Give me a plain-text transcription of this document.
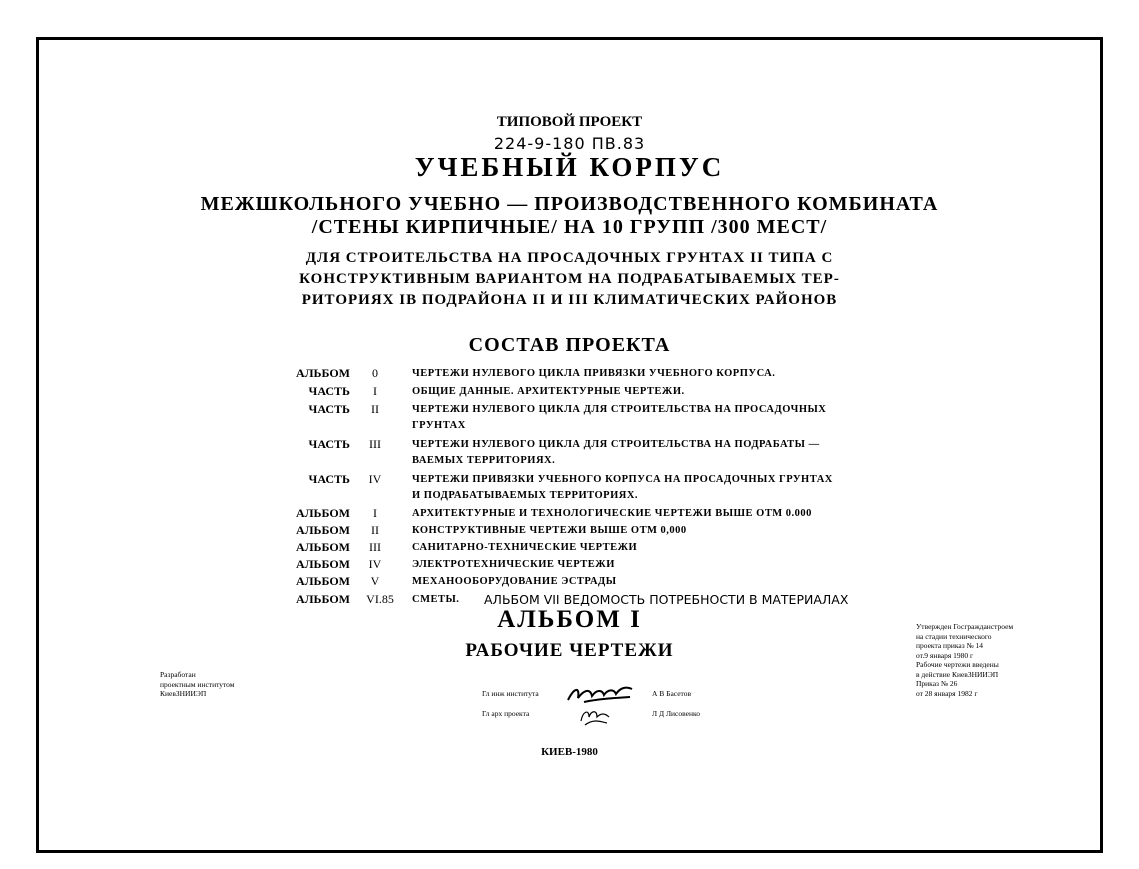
ТИПОВОЙ ПРОЕКТ
224-9-180 ПВ.83
УЧЕБНЫЙ КОРПУС
МЕЖШКОЛЬНОГО УЧЕБНО — ПРОИЗВОДСТВЕННОГО КОМБИНАТА
/СТЕНЫ КИРПИЧНЫЕ/ НА 10 ГРУПП /300 МЕСТ/
ДЛЯ СТРОИТЕЛЬСТВА НА ПРОСАДОЧНЫХ ГРУНТАХ II ТИПА С
КОНСТРУКТИВНЫМ ВАРИАНТОМ НА ПОДРАБАТЫВАЕМЫХ ТЕР-
РИТОРИЯХ IВ ПОДРАЙОНА II И III КЛИМАТИЧЕСКИХ РАЙОНОВ
СОСТАВ ПРОЕКТА
АЛЬБОМ	0	ЧЕРТЕЖИ НУЛЕВОГО ЦИКЛА ПРИВЯЗКИ УЧЕБНОГО КОРПУСА.
ЧАСТЬ	I	ОБЩИЕ ДАННЫЕ. АРХИТЕКТУРНЫЕ ЧЕРТЕЖИ.
ЧАСТЬ	II	ЧЕРТЕЖИ НУЛЕВОГО ЦИКЛА ДЛЯ СТРОИТЕЛЬСТВА НА ПРОСАДОЧНЫХ
ГРУНТАХ
ЧАСТЬ	III	ЧЕРТЕЖИ НУЛЕВОГО ЦИКЛА ДЛЯ СТРОИТЕЛЬСТВА НА ПОДРАБАТЫ —
ВАЕМЫХ ТЕРРИТОРИЯХ.
ЧАСТЬ	IV	ЧЕРТЕЖИ ПРИВЯЗКИ УЧЕБНОГО КОРПУСА НА ПРОСАДОЧНЫХ ГРУНТАХ
И ПОДРАБАТЫВАЕМЫХ ТЕРРИТОРИЯХ.
АЛЬБОМ	I	АРХИТЕКТУРНЫЕ И ТЕХНОЛОГИЧЕСКИЕ ЧЕРТЕЖИ ВЫШЕ ОТМ 0.000
АЛЬБОМ	II	КОНСТРУКТИВНЫЕ ЧЕРТЕЖИ ВЫШЕ ОТМ 0,000
АЛЬБОМ	III	САНИТАРНО-ТЕХНИЧЕСКИЕ ЧЕРТЕЖИ
АЛЬБОМ	IV	ЭЛЕКТРОТЕХНИЧЕСКИЕ ЧЕРТЕЖИ
АЛЬБОМ	V	МЕХАНООБОРУДОВАНИЕ ЭСТРАДЫ
АЛЬБОМ	VI.85	СМЕТЫ. АЛЬБОМ VII ВЕДОМОСТЬ ПОТРЕБНОСТИ В МАТЕРИАЛАХ
АЛЬБОМ I
РАБОЧИЕ ЧЕРТЕЖИ
Разработан
проектным институтом
КиевЗНИИЭП	Гл инж института	А В Басетов
Гл арх проекта	Л Д Лисовенко
Утвержден Госгражданстроем
на стадии технического
проекта приказ № 14
от.9 января 1980 г
Рабочие чертежи введены
в действие КиевЗНИИЭП
Приказ № 26
от 28 января 1982 г
КИЕВ-1980
